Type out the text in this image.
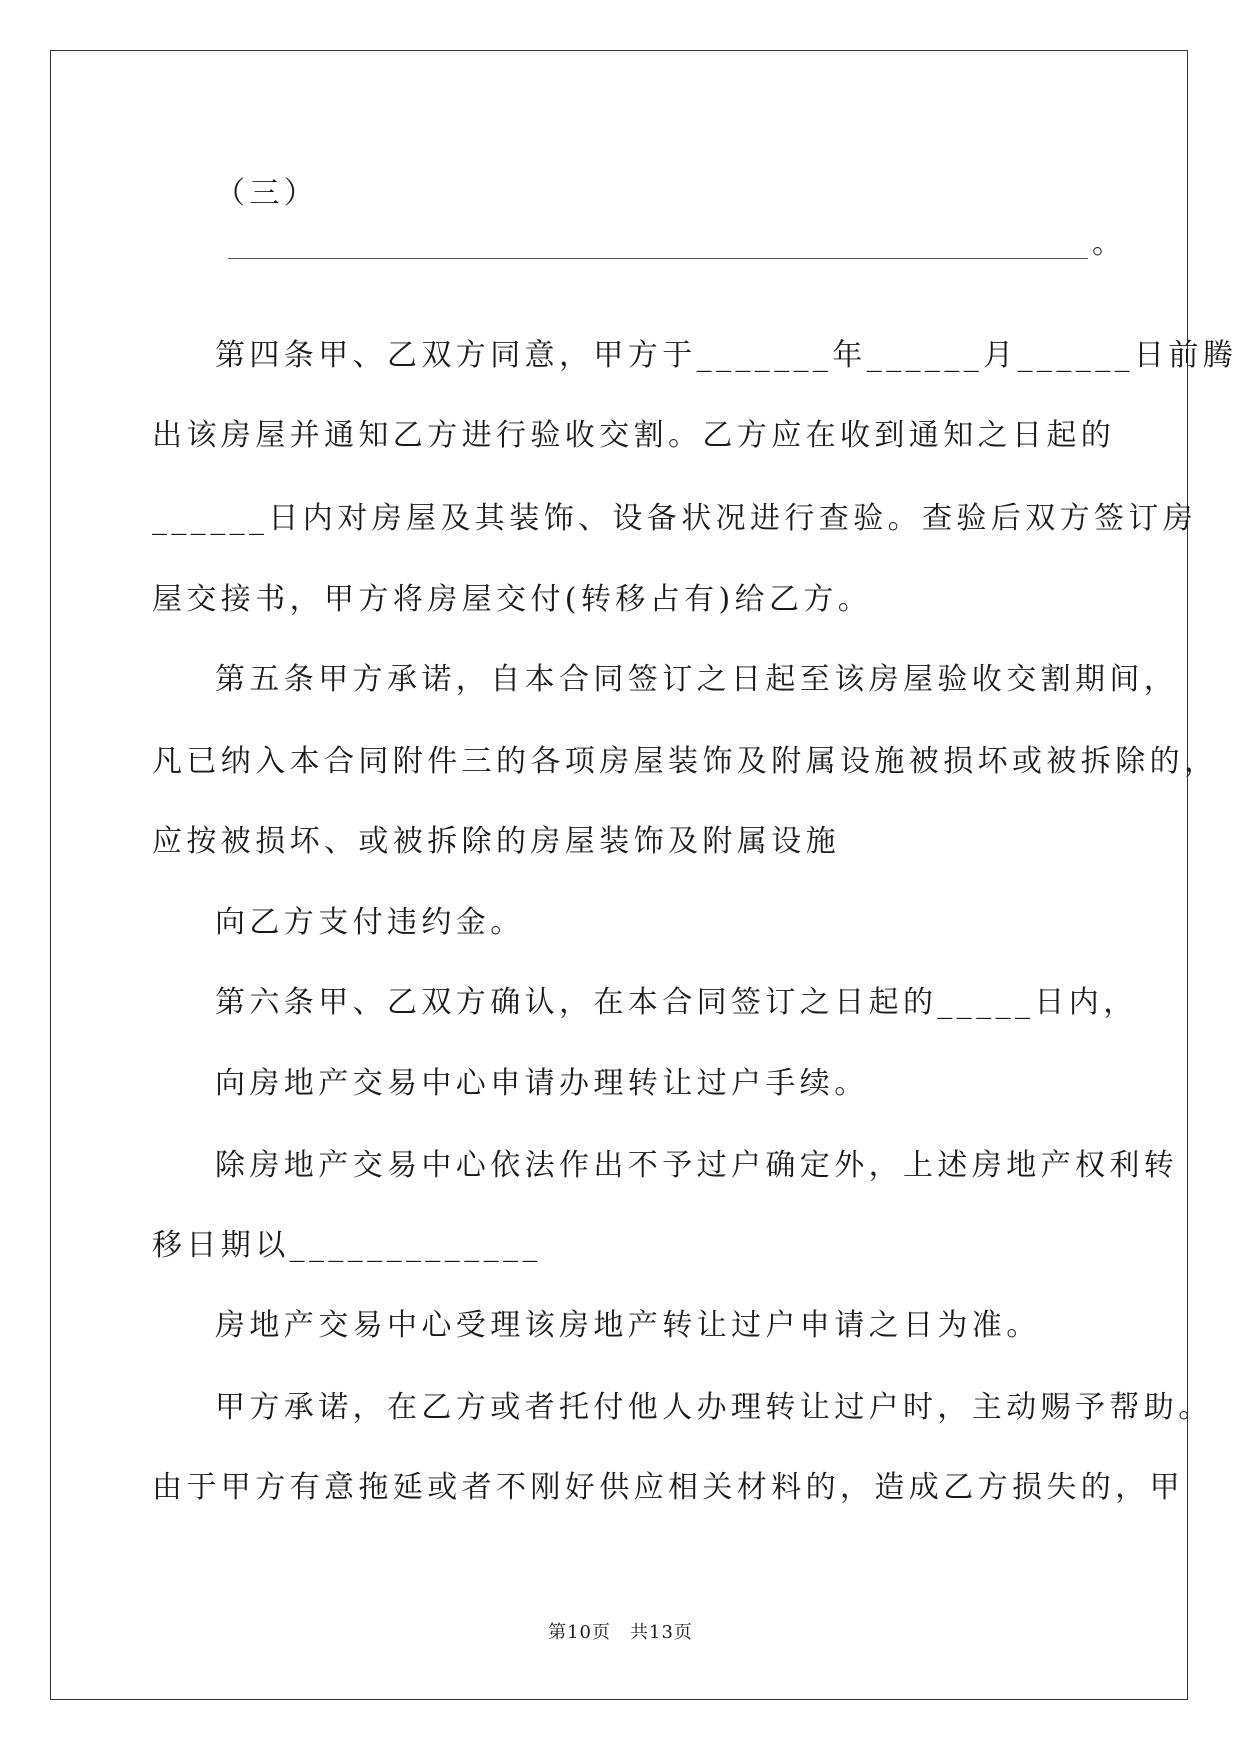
（三）
。
第四条甲、乙双方同意，甲方于_______年______月______日前腾
出该房屋并通知乙方进行验收交割。乙方应在收到通知之日起的
______日内对房屋及其装饰、设备状况进行查验。查验后双方签订房
屋交接书，甲方将房屋交付(转移占有)给乙方。
第五条甲方承诺，自本合同签订之日起至该房屋验收交割期间，
凡已纳入本合同附件三的各项房屋装饰及附属设施被损坏或被拆除的，
应按被损坏、或被拆除的房屋装饰及附属设施
向乙方支付违约金。
第六条甲、乙双方确认，在本合同签订之日起的_____日内，
向房地产交易中心申请办理转让过户手续。
除房地产交易中心依法作出不予过户确定外，上述房地产权利转
移日期以_____________
房地产交易中心受理该房地产转让过户申请之日为准。
甲方承诺，在乙方或者托付他人办理转让过户时，主动赐予帮助。
由于甲方有意拖延或者不刚好供应相关材料的，造成乙方损失的，甲
第10页　共13页
